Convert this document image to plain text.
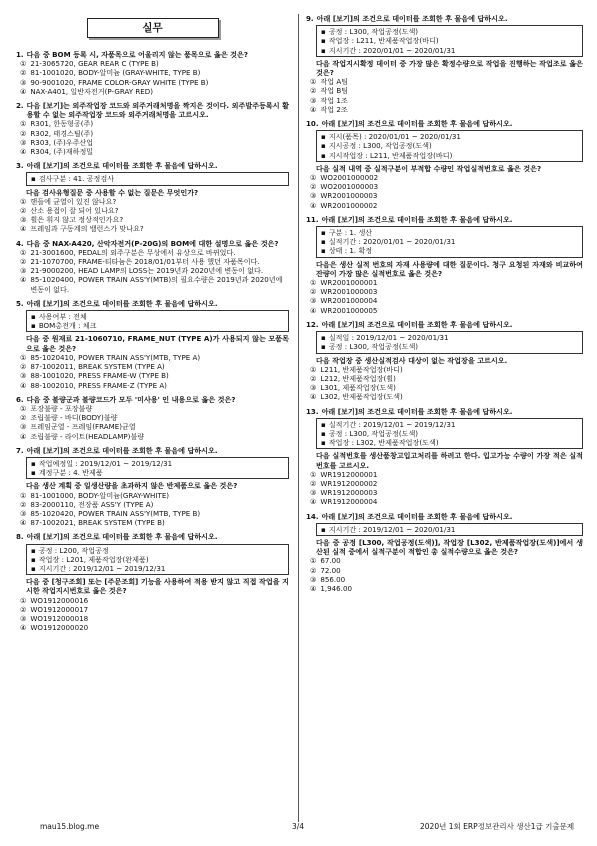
실무
1. 다음 중 BOM 등록 시, 자품목으로 어울리지 않는 품목으로 옳은 것은?
① 21-3065720, GEAR REAR C (TYPE B)
② 81-1001020, BODY-알미늄 (GRAY-WHITE, TYPE B)
③ 90-9001020, FRAME COLOR-GRAY WHITE (TYPE B)
④ NAX-A401, 일반자전거(P-GRAY RED)
2. 다음 [보기]는 외주작업장 코드와 외주거래처명을 짝지은 것이다. 외주발주등록시 활용할 수 없는 외주작업장 코드와 외주거래처명을 고르시오.
① R301, 한동형공(주)
② R302, 태경스틸(주)
③ R303, (주)우주산업
④ R304, (주)재하정밀
3. 아래 [보기]의 조건으로 데이터를 조회한 후 물음에 답하시오.
▪ 검사구분 : 41. 공정검사
다음 검사유형질문 중 사용할 수 없는 질문은 무엇인가?
① 핸들에 균열이 있진 않나요?
② 산소 용접이 잘 되어 있나요?
③ 휠은 휘지 않고 정상적인가요?
④ 프레임과 구동계의 밸런스가 맞나요?
4. 다음 중 NAX-A420, 산악자전거(P-20G)의 BOM에 대한 설명으로 옳은 것은?
① 21-3001600, PEDAL의 외주구분은 무상에서 유상으로 바뀌었다.
② 21-1070700, FRAME-티타늄은 2018/01/01부터 사용 했던 자품목이다.
③ 21-9000200, HEAD LAMP의 LOSS는 2019년과 2020년에 변동이 없다.
④ 85-1020400, POWER TRAIN ASS'Y(MTB)의 필요수량은 2019년과 2020년에 변동이 없다.
5. 아래 [보기]의 조건으로 데이터를 조회한 후 물음에 답하시오.
▪ 사용여부 : 전체
▪ BOM총전개 : 체크
다음 중 원재료 21-1060710, FRAME_NUT (TYPE A)가 사용되지 않는 모품목으로 옳은 것은?
① 85-1020410, POWER TRAIN ASS'Y(MTB, TYPE A)
② 87-1002011, BREAK SYSTEM (TYPE A)
③ 88-1001020, PRESS FRAME-W (TYPE B)
④ 88-1002010, PRESS FRAME-Z (TYPE A)
6. 다음 중 불량군과 불량코드가 모두 '미사용' 인 내용으로 옳은 것은?
① 포장불량 - 포장불량
② 조립불량 - 바디(BODY)불량
③ 프레임군열 - 프레임(FRAME)균열
④ 조립불량 - 라이트(HEADLAMP)불량
7. 아래 [보기]의 조건으로 데이터를 조회한 후 물음에 답하시오.
▪ 작업예정일 : 2019/12/01 ~ 2019/12/31
▪ 계정구분 : 4. 반제품
다음 생산 계획 중 일생산량을 초과하지 않은 반제품으로 옳은 것은?
① 81-1001000, BODY-알미늄(GRAY-WHITE)
② 83-2000110, 전장품 ASS'Y (TYPE A)
③ 85-1020420, POWER TRAIN ASS'Y(MTB, TYPE B)
④ 87-1002021, BREAK SYSTEM (TYPE B)
8. 아래 [보기]의 조건으로 데이터를 조회한 후 물음에 답하시오.
▪ 공정 : L200, 작업공정
▪ 작업장 : L201, 제품작업장(완제품)
▪ 지시기간 : 2019/12/01 ~ 2019/12/31
다음 중 [청구조회] 또는 [주문조회] 기능을 사용하여 적용 받지 않고 직접 작업을 지시한 작업지시번호로 옳은 것은?
① WO1912000016
② WO1912000017
③ WO1912000018
④ WO1912000020
9. 아래 [보기]의 조건으로 데이터를 조회한 후 물음에 답하시오.
▪ 공정 : L300, 작업공정(도색)
▪ 작업장 : L211, 반제품작업장(바디)
▪ 지시기간 : 2020/01/01 ~ 2020/01/31
다음 작업지시확정 데이터 중 가장 많은 확정수량으로 작업을 진행하는 작업조로 옳은 것은?
① 작업 A팀
② 작업 B팀
③ 작업 1조
④ 작업 2조
10. 아래 [보기]의 조건으로 데이터를 조회한 후 물음에 답하시오.
▪ 지시(품목) : 2020/01/01 ~ 2020/01/31
▪ 지시공정 : L300, 작업공정(도색)
▪ 지시작업장 : L211, 반제품작업장(바디)
다음 실적 내역 중 실적구분이 부적합 수량인 작업실적번호로 옳은 것은?
① WO2001000002
② WO2001000003
③ WR2001000003
④ WR2001000002
11. 아래 [보기]의 조건으로 데이터를 조회한 후 물음에 답하시오.
▪ 구분 : 1. 생산
▪ 실적기간 : 2020/01/01 ~ 2020/01/31
▪ 상태 : 1. 확정
다음은 생산 실적 번호의 자재 사용량에 대한 질문이다. 청구 요청된 자재와 비교하여 잔량이 가장 많은 실적번호로 옳은 것은?
① WR2001000001
② WR2001000003
③ WR2001000004
④ WR2001000005
12. 아래 [보기]의 조건으로 데이터를 조회한 후 물음에 답하시오.
▪ 실적일 : 2019/12/01 ~ 2020/01/31
▪ 공정 : L300, 작업공정(도색)
다음 작업장 중 생산실적검사 대상이 없는 작업장을 고르시오.
① L211, 반제품작업장(바디)
② L212, 반제품작업장(휠)
③ L301, 제품작업장(도색)
④ L302, 반제품작업장(도색)
13. 아래 [보기]의 조건으로 데이터를 조회한 후 물음에 답하시오.
▪ 실적기간 : 2019/12/01 ~ 2019/12/31
▪ 공정 : L300, 작업공정(도색)
▪ 작업장 : L302, 반제품작업장(도색)
다음 실적번호를 생산품창고입고처리를 하려고 한다. 입고가능 수량이 가장 적은 실적번호를 고르시오.
① WR1912000001
② WR1912000002
③ WR1912000003
④ WR1912000004
14. 아래 [보기]의 조건으로 데이터를 조회한 후 물음에 답하시오.
▪ 지시기간 : 2019/12/01 ~ 2020/01/31
다음 중 공정 [L300, 작업공정(도색)], 작업장 [L302, 반제품작업장(도색)]에서 생산된 실적 중에서 실적구분이 적합인 총 실적수량으로 옳은 것은?
① 67.00
② 72.00
③ 856.00
④ 1,946.00
mau15.blog.me	3/4	2020년 1회 ERP정보관리사 생산1급 기출문제
